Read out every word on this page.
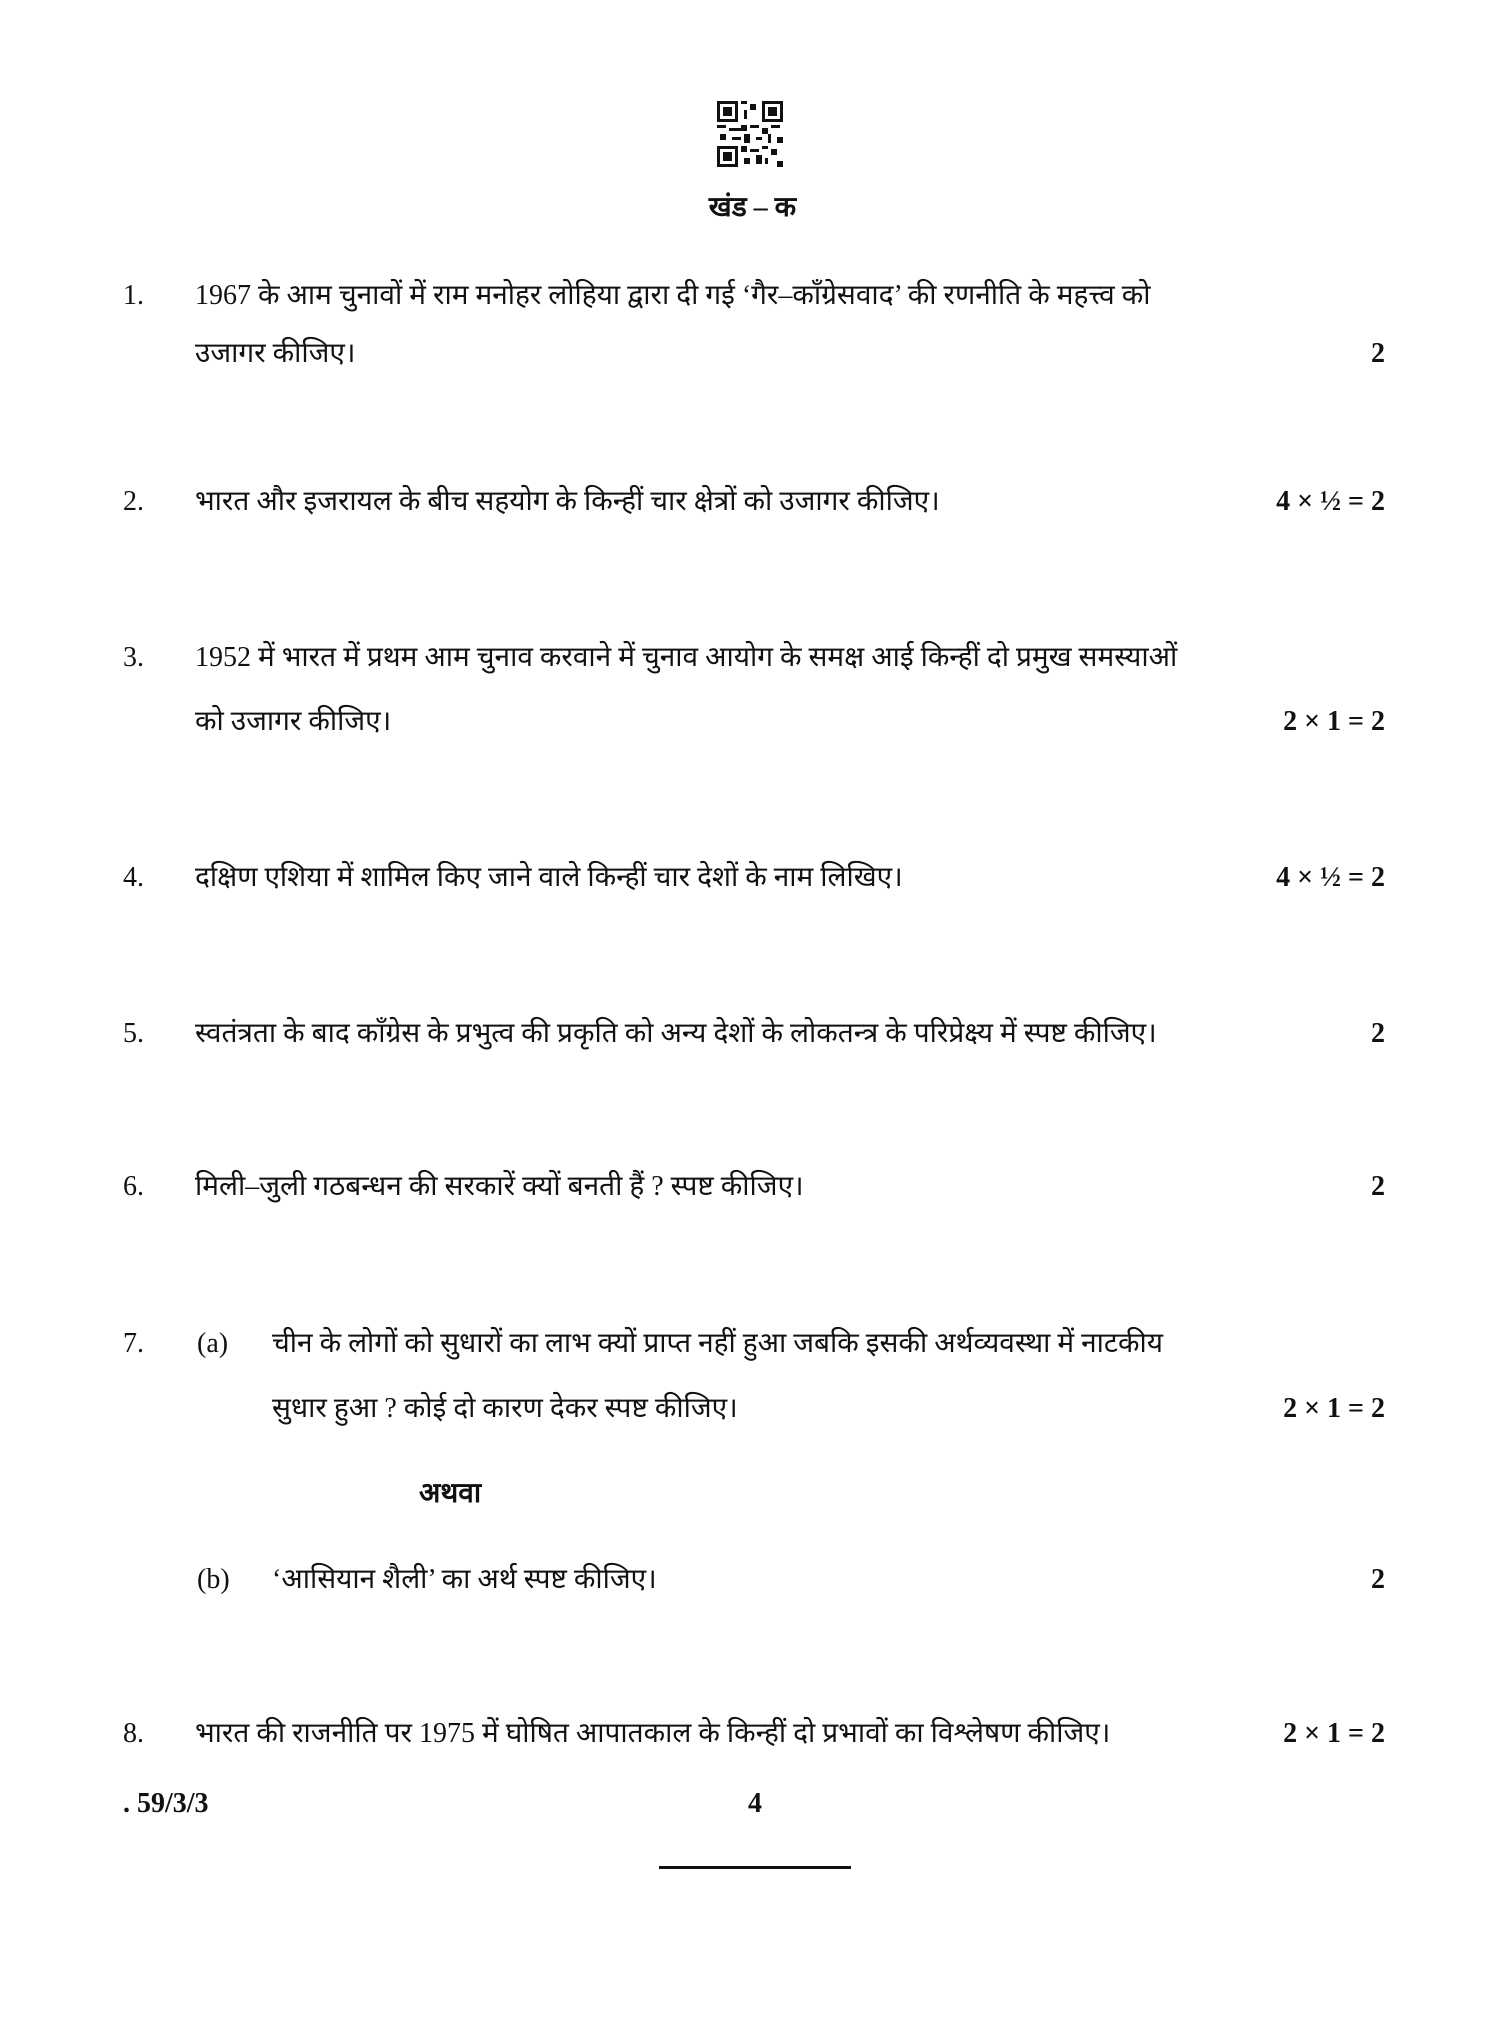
खंड – क
1. 1967 के आम चुनावों में राम मनोहर लोहिया द्वारा दी गई ‘गैर–काँग्रेसवाद’ की रणनीति के महत्त्व को
उजागर कीजिए।	2
2. भारत और इजरायल के बीच सहयोग के किन्हीं चार क्षेत्रों को उजागर कीजिए।	4 × ½ = 2
3. 1952 में भारत में प्रथम आम चुनाव करवाने में चुनाव आयोग के समक्ष आई किन्हीं दो प्रमुख समस्याओं
को उजागर कीजिए।	2 × 1 = 2
4. दक्षिण एशिया में शामिल किए जाने वाले किन्हीं चार देशों के नाम लिखिए।	4 × ½ = 2
5. स्वतंत्रता के बाद काँग्रेस के प्रभुत्व की प्रकृति को अन्य देशों के लोकतन्त्र के परिप्रेक्ष्य में स्पष्ट कीजिए।	2
6. मिली–जुली गठबन्धन की सरकारें क्यों बनती हैं ? स्पष्ट कीजिए।	2
7. (a) चीन के लोगों को सुधारों का लाभ क्यों प्राप्त नहीं हुआ जबकि इसकी अर्थव्यवस्था में नाटकीय
सुधार हुआ ? कोई दो कारण देकर स्पष्ट कीजिए।	2 × 1 = 2
अथवा
(b) ‘आसियान शैली’ का अर्थ स्पष्ट कीजिए।	2
8. भारत की राजनीति पर 1975 में घोषित आपातकाल के किन्हीं दो प्रभावों का विश्लेषण कीजिए।	2 × 1 = 2
. 59/3/3	4
